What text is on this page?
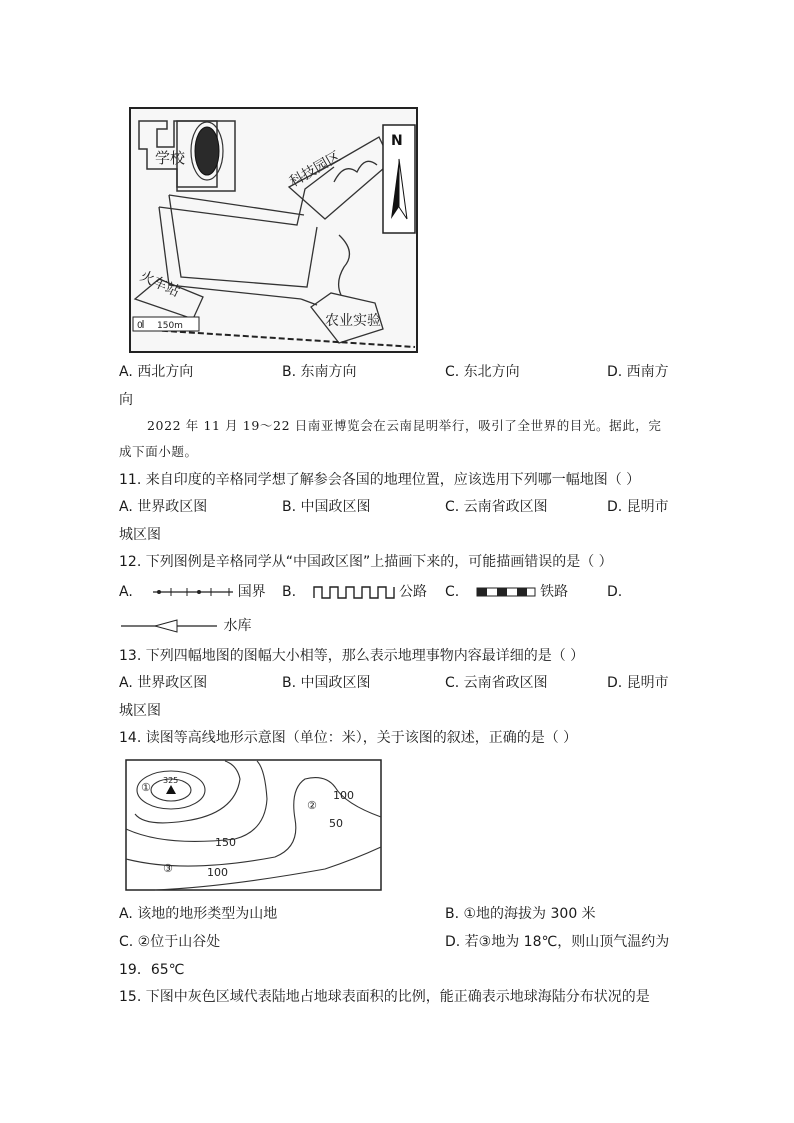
学校	科技园区
N
农业实验
火车站
0 150m
A. 西北方向	B. 东南方向	C. 东北方向	D. 西南方
向
2022 年 11 月 19～22 日南亚博览会在云南昆明举行，吸引了全世界的目光。据此，完
成下面小题。
11. 来自印度的辛格同学想了解参会各国的地理位置，应该选用下列哪一幅地图（ ）
A. 世界政区图	B. 中国政区图	C. 云南省政区图	D. 昆明市
城区图
12. 下列图例是辛格同学从“中国政区图”上描画下来的，可能描画错误的是（ ）
A.	国界 B.	公路 C.	铁路	D.
水库
13. 下列四幅地图的图幅大小相等，那么表示地理事物内容最详细的是（ ）
A. 世界政区图	B. 中国政区图	C. 云南省政区图	D. 昆明市
城区图
14. 读图等高线地形示意图（单位：米），关于该图的叙述，正确的是（ ）
325
①
②
③
100
50
150
100
A. 该地的地形类型为山地	B. ①地的海拔为 300 米
C. ②位于山谷处	D. 若③地为 18℃，则山顶气温约为
19．65℃
15. 下图中灰色区域代表陆地占地球表面积的比例，能正确表示地球海陆分布状况的是
